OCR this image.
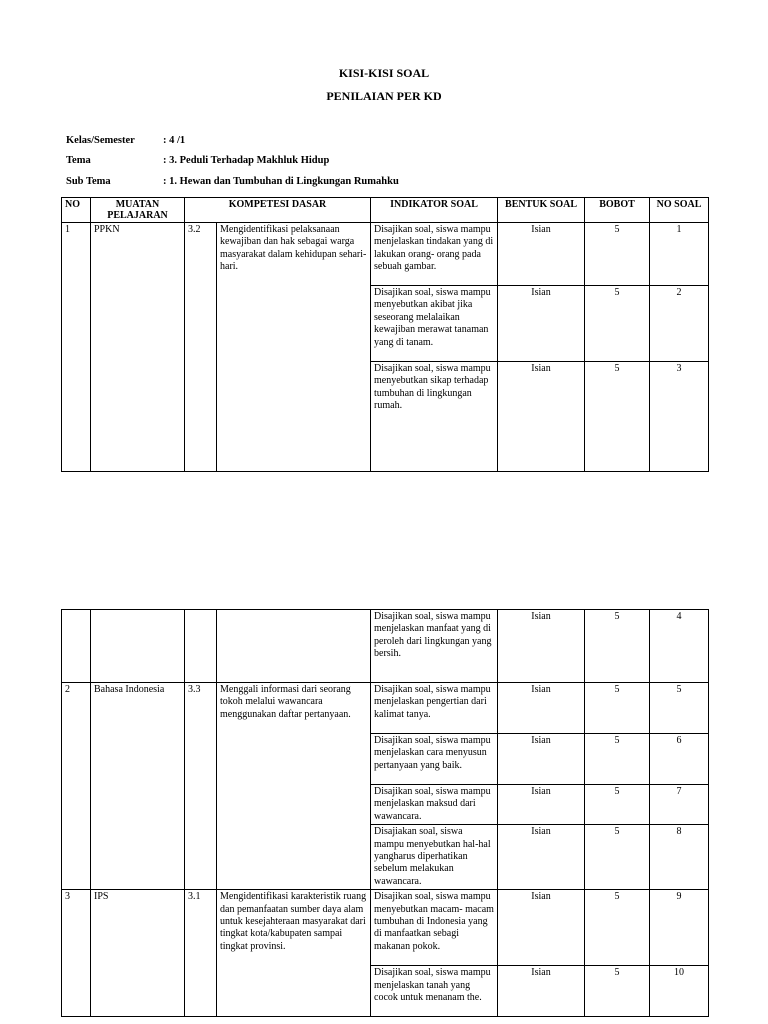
KISI-KISI SOAL
PENILAIAN PER KD
Kelas/Semester	: 4 /1
Tema	: 3. Peduli Terhadap Makhluk Hidup
Sub Tema	: 1. Hewan dan Tumbuhan di Lingkungan Rumahku
NO	MUATAN PELAJARAN	KOMPETESI DASAR		INDIKATOR SOAL	BENTUK SOAL	BOBOT	NO SOAL
1	PPKN	3.2	Mengidentifikasi pelaksanaan kewajiban dan hak sebagai warga masyarakat dalam kehidupan sehari-hari.	Disajikan soal, siswa mampu menjelaskan tindakan yang di lakukan orang- orang pada sebuah gambar.	Isian	5	1
				Disajikan soal, siswa mampu menyebutkan akibat jika seseorang melalaikan kewajiban merawat tanaman yang di tanam.	Isian	5	2
				Disajikan soal, siswa mampu menyebutkan sikap terhadap tumbuhan di lingkungan rumah.	Isian	5	3
				Disajikan soal, siswa mampu menjelaskan manfaat yang di peroleh dari lingkungan yang bersih.	Isian	5	4
2	Bahasa Indonesia	3.3	Menggali informasi dari seorang tokoh melalui wawancara menggunakan daftar pertanyaan.	Disajikan soal, siswa mampu menjelaskan pengertian dari kalimat tanya.	Isian	5	5
				Disajikan soal, siswa mampu menjelaskan cara menyusun pertanyaan yang baik.	Isian	5	6
				Disajikan soal, siswa mampu menjelaskan maksud dari wawancara.	Isian	5	7
				Disajiakan soal, siswa mampu menyebutkan hal-hal yangharus diperhatikan sebelum melakukan wawancara.	Isian	5	8
3	IPS	3.1	Mengidentifikasi karakteristik ruang dan pemanfaatan sumber daya alam untuk kesejahteraan masyarakat dari tingkat kota/kabupaten sampai tingkat provinsi.	Disajikan soal, siswa mampu menyebutkan macam- macam tumbuhan di Indonesia yang di manfaatkan sebagi makanan pokok.	Isian	5	9
				Disajikan soal, siswa mampu menjelaskan tanah yang cocok untuk menanam the.	Isian	5	10
